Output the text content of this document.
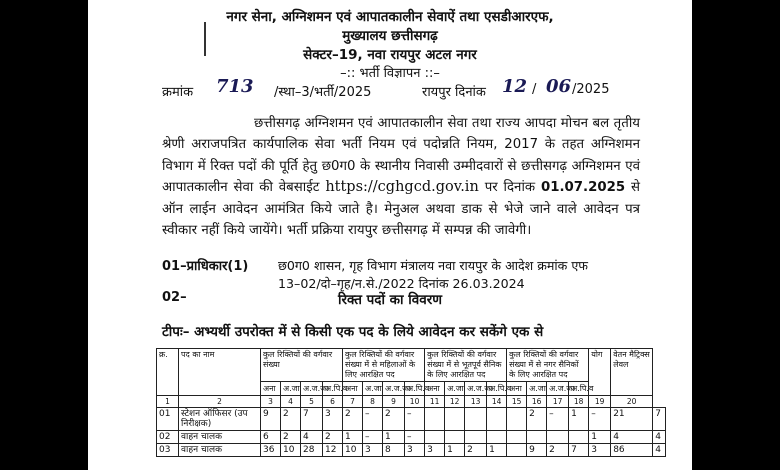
नगर सेना, अग्निशमन एवं आपातकालीन सेवाऐं तथा एसडीआरएफ,
मुख्यालय छत्तीसगढ़
सेक्टर–19, नवा रायपुर अटल नगर
–:: भर्ती विज्ञापन ::–
क्रमांक 713 /स्था–3/भर्ती/2025	रायपुर दिनांक 12 / 06 /2025
छत्तीसगढ़ अग्निशमन एवं आपातकालीन सेवा तथा राज्य आपदा मोचन बल तृतीय श्रेणी अराजपत्रित कार्यपालिक सेवा भर्ती नियम एवं पदोन्नति नियम, 2017 के तहत अग्निशमन विभाग में रिक्त पदों की पूर्ति हेतु छ0ग0 के स्थानीय निवासी उम्मीदवारों से छत्तीसगढ़ अग्निशमन एवं आपातकालीन सेवा की वेबसाईट https://cghgcd.gov.in पर दिनांक 01.07.2025 से ऑन लाईन आवेदन आमंत्रित किये जाते है। मेनुअल अथवा डाक से भेजे जाने वाले आवेदन पत्र स्वीकार नहीं किये जायेंगे। भर्ती प्रक्रिया रायपुर छत्तीसगढ़ में सम्पन्न की जावेगी।
01–प्राधिकार(1) छ0ग0 शासन, गृह विभाग मंत्रालय नवा रायपुर के आदेश क्रमांक एफ
13–02/दो–गृह/न.से./2022 दिनांक 26.03.2024
02–	रिक्त पदों का विवरण
टीपः– अभ्यर्थी उपरोक्त में से किसी एक पद के लिये आवेदन कर सकेंगे एक से
क्र.	पद का नाम	कुल रिक्तियों की वर्गवार संख्या				कुल रिक्तियों की वर्गवार संख्या में से महिलाओं के लिए आरक्षित पद				कुल रिक्तियों की वर्गवार संख्या में से भूतपूर्व सैनिक के लिए आरक्षित पद				कुल रिक्तियों की वर्गवार संख्या में से नगर सैनिकों के लिए आरक्षित पद				योग	वेतन मैट्रिक्स लेवल	
		अना	अ.जा	अ.ज.जा	अ.पि.व	अना	अ.जा	अ.ज.जा	अ.पि.व	अना	अ.जा	अ.ज.जा	अ.पि.व	अना	अ.जा	अ.ज.जा	अ.पि.व			
1	2	3	4	5	6	7	8	9	10	11	12	13	14	15	16	17	18	19	20	
01	स्टेशन ऑफिसर (उप निरीक्षक)	9	2	7	3	2	–	2	–						2	–	1	–	21	7
02	वाहन चालक	6	2	4	2	1	–	1	–									1	4	4
03	वाहन चालक	36	10	28	12	10	3	8	3	3	1	2	1		9	2	7	3	86	4
